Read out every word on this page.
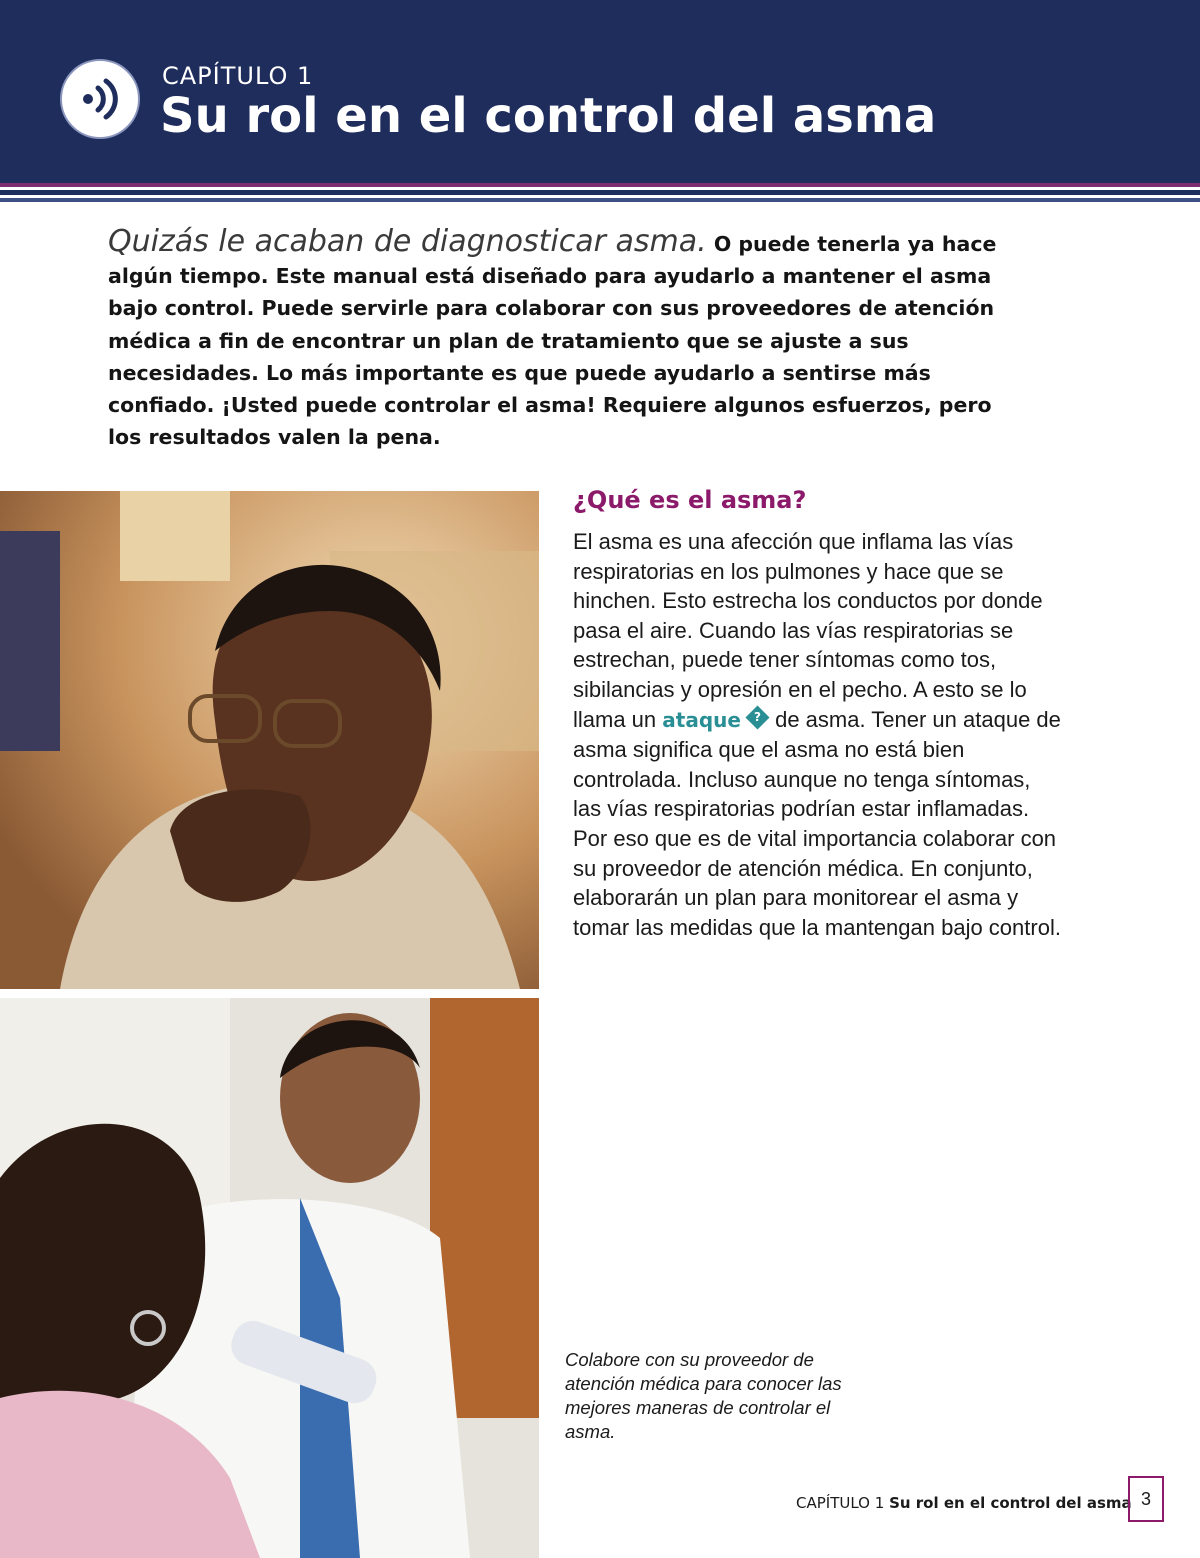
CAPÍTULO 1
Su rol en el control del asma
Quizás le acaban de diagnosticar asma. O puede tenerla ya hace algún tiempo. Este manual está diseñado para ayudarlo a mantener el asma bajo control. Puede servirle para colaborar con sus proveedores de atención médica a fin de encontrar un plan de tratamiento que se ajuste a sus necesidades. Lo más importante es que puede ayudarlo a sentirse más confiado. ¡Usted puede controlar el asma! Requiere algunos esfuerzos, pero los resultados valen la pena.
¿Qué es el asma?
El asma es una afección que inflama las vías respiratorias en los pulmones y hace que se hinchen. Esto estrecha los conductos por donde pasa el aire. Cuando las vías respiratorias se estrechan, puede tener síntomas como tos, sibilancias y opresión en el pecho. A esto se lo llama un ataque	? de asma. Tener un ataque de asma significa que el asma no está bien controlada. Incluso aunque no tenga síntomas, las vías respiratorias podrían estar inflamadas. Por eso que es de vital importancia colaborar con su proveedor de atención médica. En conjunto, elaborarán un plan para monitorear el asma y tomar las medidas que la mantengan bajo control.
Colabore con su proveedor de atención médica para conocer las mejores maneras de controlar el asma.
CAPÍTULO 1 Su rol en el control del asma 3
